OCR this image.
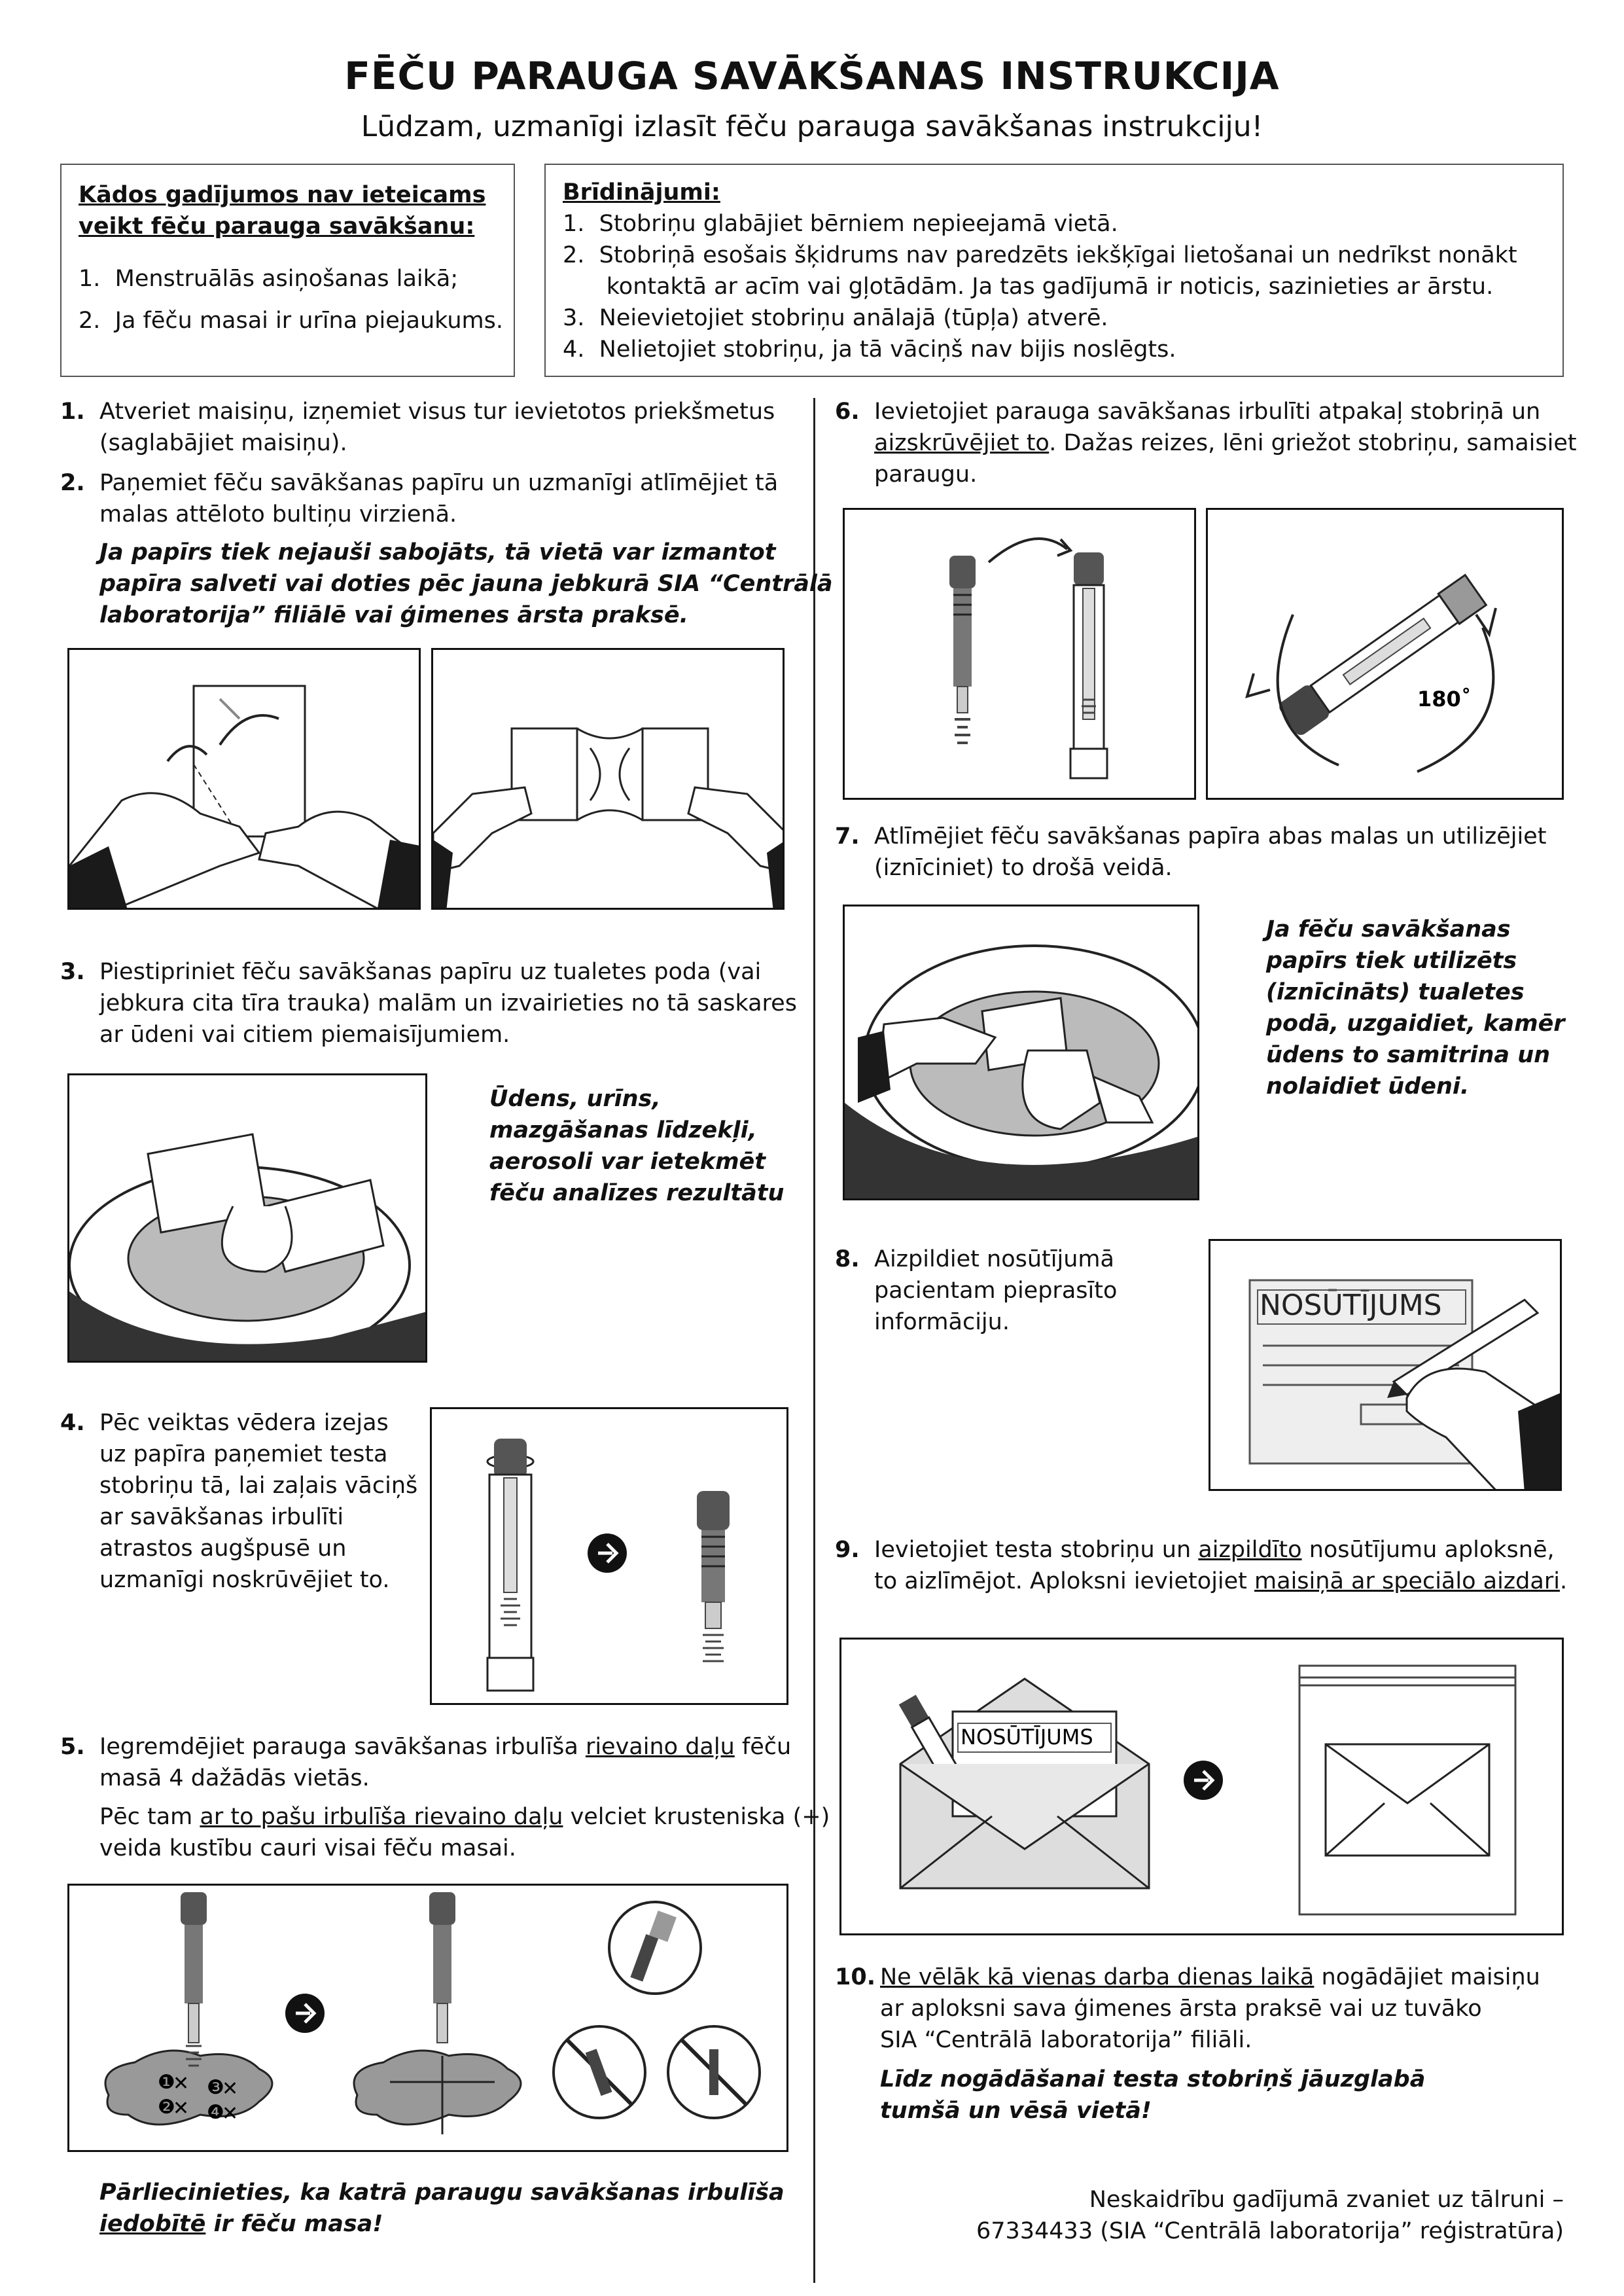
FĒČU PARAUGA SAVĀKŠANAS INSTRUKCIJA
Lūdzam, uzmanīgi izlasīt fēču parauga savākšanas instrukciju!
Kādos gadījumos nav ieteicams
veikt fēču parauga savākšanu:
1.  Menstruālās asiņošanas laikā;
2.  Ja fēču masai ir urīna piejaukums.
Brīdinājumi:
1.  Stobriņu glabājiet bērniem nepieejamā vietā.
2.  Stobriņā esošais šķidrums nav paredzēts iekšķīgai lietošanai un nedrīkst nonākt
kontaktā ar acīm vai gļotādām. Ja tas gadījumā ir noticis, sazinieties ar ārstu.
3.  Neievietojiet stobriņu anālajā (tūpļa) atverē.
4.  Nelietojiet stobriņu, ja tā vāciņš nav bijis noslēgts.
1. Atveriet maisiņu, izņemiet visus tur ievietotos priekšmetus
(saglabājiet maisiņu).
2. Paņemiet fēču savākšanas papīru un uzmanīgi atlīmējiet tā
malas attēloto bultiņu virzienā.
Ja papīrs tiek nejauši sabojāts, tā vietā var izmantot
papīra salveti vai doties pēc jauna jebkurā SIA “Centrālā
laboratorija” filiālē vai ģimenes ārsta praksē.
3. Piestipriniet fēču savākšanas papīru uz tualetes poda (vai
jebkura cita tīra trauka) malām un izvairieties no tā saskares
ar ūdeni vai citiem piemaisījumiem.
Ūdens, urīns,
mazgāšanas līdzekļi,
aerosoli var ietekmēt
fēču analīzes rezultātu
4. Pēc veiktas vēdera izejas
uz papīra paņemiet testa
stobriņu tā, lai zaļais vāciņš
ar savākšanas irbulīti
atrastos augšpusē un
uzmanīgi noskrūvējiet to.
5. Iegremdējiet parauga savākšanas irbulīša rievaino daļu fēču
masā 4 dažādās vietās.
Pēc tam ar to pašu irbulīša rievaino daļu velciet krusteniska (+)
veida kustību cauri visai fēču masai.
❶
✕
❷
✕
❸
✕
❹
✕
Pārliecinieties, ka katrā paraugu savākšanas irbulīša
iedobītē ir fēču masa!
6. Ievietojiet parauga savākšanas irbulīti atpakaļ stobriņā un
aizskrūvējiet to. Dažas reizes, lēni griežot stobriņu, samaisiet
paraugu.
180˚
7. Atlīmējiet fēču savākšanas papīra abas malas un utilizējiet
(iznīciniet) to drošā veidā.
Ja fēču savākšanas
papīrs tiek utilizēts
(iznīcināts) tualetes
podā, uzgaidiet, kamēr
ūdens to samitrina un
nolaidiet ūdeni.
8. Aizpildiet nosūtījumā
pacientam pieprasīto
informāciju.	NOSŪTĪJUMS
9. Ievietojiet testa stobriņu un aizpildīto nosūtījumu aploksnē,
to aizlīmējot. Aploksni ievietojiet maisiņā ar speciālo aizdari.
NOSŪTĪJUMS
10. Ne vēlāk kā vienas darba dienas laikā nogādājiet maisiņu
ar aploksni sava ģimenes ārsta praksē vai uz tuvāko
SIA “Centrālā laboratorija” filiāli.
Līdz nogādāšanai testa stobriņš jāuzglabā
tumšā un vēsā vietā!
Neskaidrību gadījumā zvaniet uz tālruni –
67334433 (SIA “Centrālā laboratorija” reģistratūra)
